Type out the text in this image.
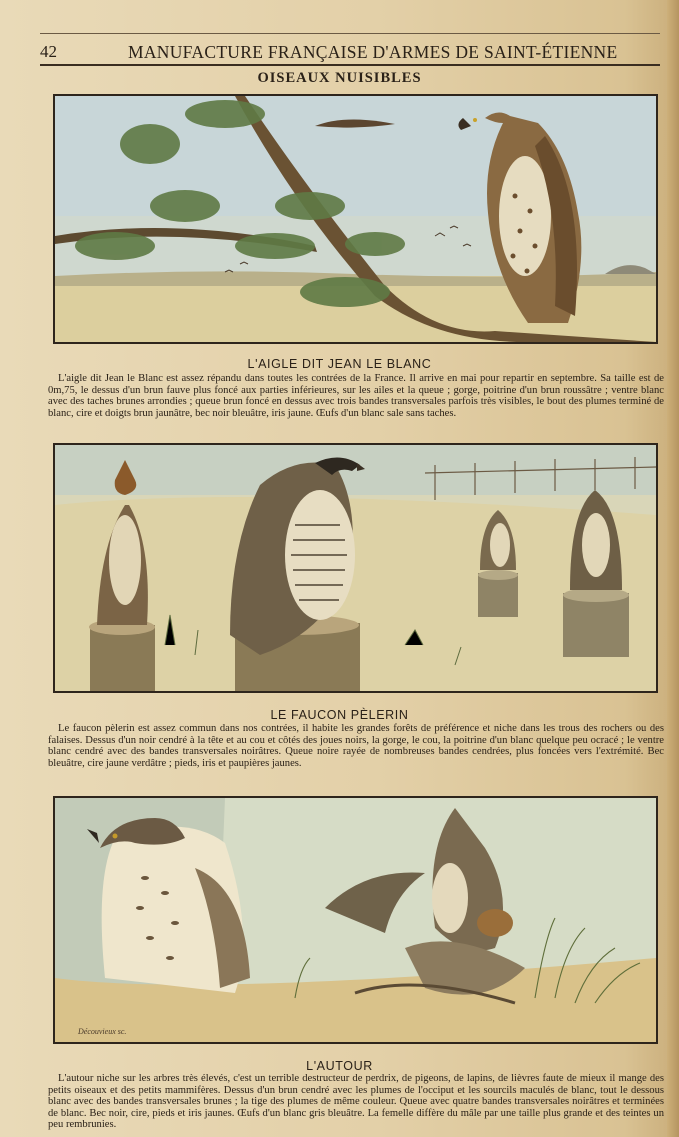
42	MANUFACTURE FRANÇAISE D'ARMES DE SAINT-ÉTIENNE
OISEAUX NUISIBLES
L'AIGLE DIT JEAN LE BLANC
L'aigle dit Jean le Blanc est assez répandu dans toutes les contrées de la France. Il arrive en mai pour repartir en septembre. Sa taille est de 0m,75, le dessus d'un brun fauve plus foncé aux parties inférieures, sur les ailes et la queue ; gorge, poitrine d'un brun roussâtre ; ventre blanc avec des taches brunes arrondies ; queue brun foncé en dessus avec trois bandes transversales parfois très visibles, le bout des plumes terminé de blanc, cire et doigts brun jaunâtre, bec noir bleuâtre, iris jaune. Œufs d'un blanc sale sans taches.
LE FAUCON PÈLERIN
Le faucon pèlerin est assez commun dans nos contrées, il habite les grandes forêts de préférence et niche dans les trous des rochers ou des falaises. Dessus d'un noir cendré à la tête et au cou et côtés des joues noirs, la gorge, le cou, la poitrine d'un blanc quelque peu ocracé ; le ventre blanc cendré avec des bandes transversales noirâtres. Queue noire rayée de nombreuses bandes cendrées, plus foncées vers l'extrémité. Bec bleuâtre, cire jaune verdâtre ; pieds, iris et paupières jaunes.
Découvieux sc.
L'AUTOUR
L'autour niche sur les arbres très élevés, c'est un terrible destructeur de perdrix, de pigeons, de lapins, de lièvres faute de mieux il mange des petits oiseaux et des petits mammifères. Dessus d'un brun cendré avec les plumes de l'occiput et les sourcils maculés de blanc, tout le dessous blanc avec des bandes transversales brunes ; la tige des plumes de même couleur. Queue avec quatre bandes transversales noirâtres et terminées de blanc. Bec noir, cire, pieds et iris jaunes. Œufs d'un blanc gris bleuâtre. La femelle diffère du mâle par une taille plus grande et des teintes un peu rembrunies.
